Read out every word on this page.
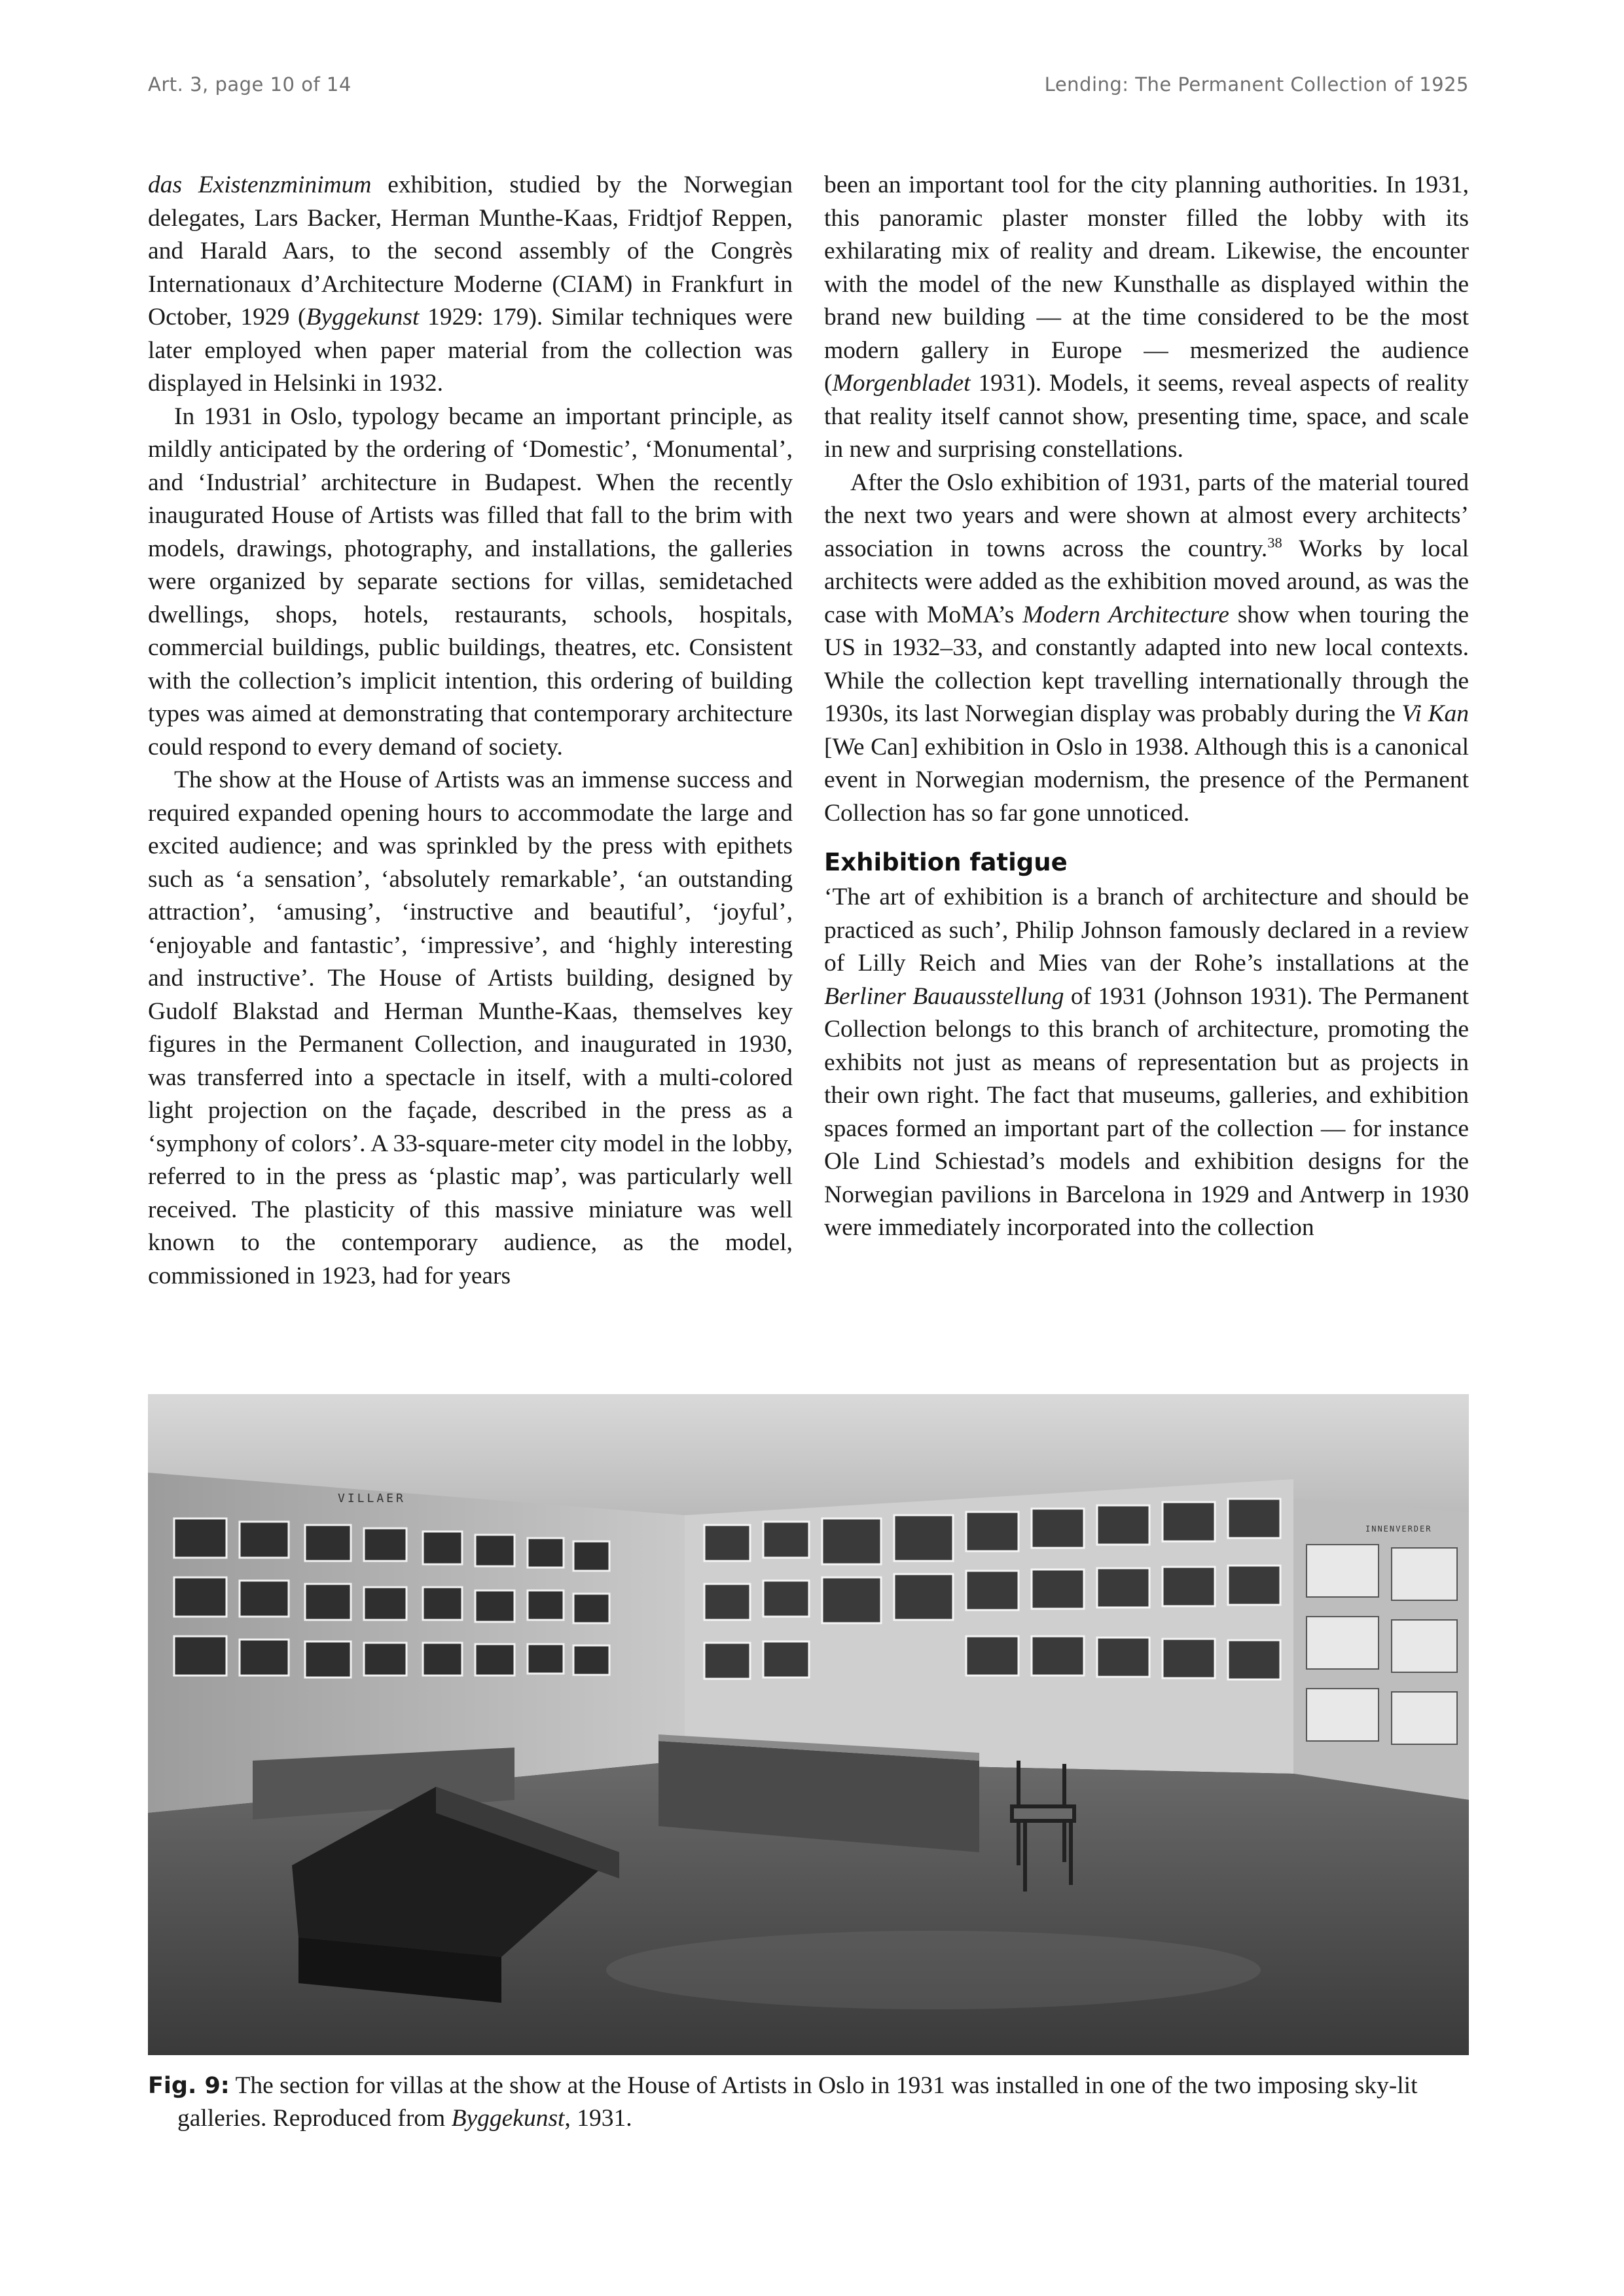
Art. 3, page 10 of 14	Lending: The Permanent Collection of 1925

das Existenzminimum exhibition, studied by the Norwegian delegates, Lars Backer, Herman Munthe-Kaas, Fridtjof Reppen, and Harald Aars, to the second assembly of the Congrès Internationaux d’Architecture Moderne (CIAM) in Frankfurt in October, 1929 (Byggekunst 1929: 179). Similar techniques were later employed when paper material from the collection was displayed in Helsinki in 1932.

In 1931 in Oslo, typology became an important principle, as mildly anticipated by the ordering of ‘Domestic’, ‘Monumental’, and ‘Industrial’ architecture in Budapest. When the recently inaugurated House of Artists was filled that fall to the brim with models, drawings, photography, and installations, the galleries were organized by separate sections for villas, semidetached dwellings, shops, hotels, restaurants, schools, hospitals, commercial buildings, public buildings, theatres, etc. Consistent with the collection’s implicit intention, this ordering of building types was aimed at demonstrating that contemporary architecture could respond to every demand of society.

The show at the House of Artists was an immense success and required expanded opening hours to accommodate the large and excited audience; and was sprinkled by the press with epithets such as ‘a sensation’, ‘absolutely remarkable’, ‘an outstanding attraction’, ‘amusing’, ‘instructive and beautiful’, ‘joyful’, ‘enjoyable and fantastic’, ‘impressive’, and ‘highly interesting and instructive’. The House of Artists building, designed by Gudolf Blakstad and Herman Munthe-Kaas, themselves key figures in the Permanent Collection, and inaugurated in 1930, was transferred into a spectacle in itself, with a multi-colored light projection on the façade, described in the press as a ‘symphony of colors’. A 33-square-meter city model in the lobby, referred to in the press as ‘plastic map’, was particularly well received. The plasticity of this massive miniature was well known to the contemporary audience, as the model, commissioned in 1923, had for years

been an important tool for the city planning authorities. In 1931, this panoramic plaster monster filled the lobby with its exhilarating mix of reality and dream. Likewise, the encounter with the model of the new Kunsthalle as displayed within the brand new building — at the time considered to be the most modern gallery in Europe — mesmerized the audience (Morgenbladet 1931). Models, it seems, reveal aspects of reality that reality itself cannot show, presenting time, space, and scale in new and surprising constellations.

After the Oslo exhibition of 1931, parts of the material toured the next two years and were shown at almost every architects’ association in towns across the country.$^{38}$ Works by local architects were added as the exhibition moved around, as was the case with MoMA’s Modern Architecture show when touring the US in 1932–33, and constantly adapted into new local contexts. While the collection kept travelling internationally through the 1930s, its last Norwegian display was probably during the Vi Kan [We Can] exhibition in Oslo in 1938. Although this is a canonical event in Norwegian modernism, the presence of the Permanent Collection has so far gone unnoticed.

Exhibition fatigue

‘The art of exhibition is a branch of architecture and should be practiced as such’, Philip Johnson famously declared in a review of Lilly Reich and Mies van der Rohe’s installations at the Berliner Bauausstellung of 1931 (Johnson 1931). The Permanent Collection belongs to this branch of architecture, promoting the exhibits not just as means of representation but as projects in their own right. The fact that museums, galleries, and exhibition spaces formed an important part of the collection — for instance Ole Lind Schiestad’s models and exhibition designs for the Norwegian pavilions in Barcelona in 1929 and Antwerp in 1930 were immediately incorporated into the collection

VILLAER
INNENVERDER
Fig. 9: The section for villas at the show at the House of Artists in Oslo in 1931 was installed in one of the two imposing sky-lit galleries. Reproduced from Byggekunst, 1931.
